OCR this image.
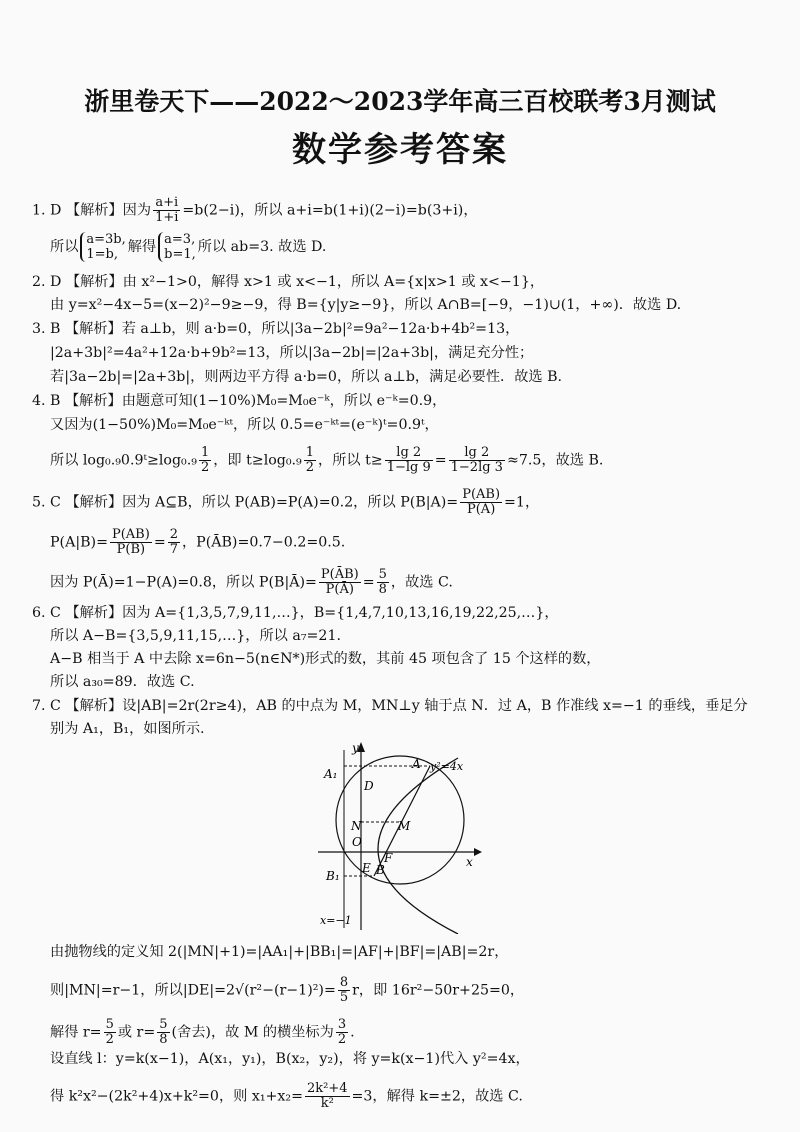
浙里卷天下——2022～2023学年高三百校联考3月测试
数学参考答案
1. D 【解析】因为 $\frac{a+i}{1+i} =b(2-i)$，所以 a+i=b(1+i)(2−i)=b(3+i)，
所以 a=3b,
1=b, 解得 a=3,
b=1, 所以 ab=3. 故选 D.
2. D 【解析】由 x²−1>0，解得 x>1 或 x<−1，所以 A={x|x>1 或 x<−1}，
由 y=x²−4x−5=(x−2)²−9≥−9，得 B={y|y≥−9}，所以 A∩B=[−9，−1)∪(1，+∞)．故选 D.
3. B 【解析】若 a⊥b，则 a·b=0，所以|3a−2b|²=9a²−12a·b+4b²=13，
|2a+3b|²=4a²+12a·b+9b²=13，所以|3a−2b|=|2a+3b|，满足充分性；
若|3a−2b|=|2a+3b|，则两边平方得 a·b=0，所以 a⊥b，满足必要性．故选 B.
4. B 【解析】由题意可知(1−10%)M₀=M₀e⁻ᵏ，所以 e⁻ᵏ=0.9，
又因为(1−50%)M₀=M₀e⁻ᵏᵗ，所以 0.5=e⁻ᵏᵗ=(e⁻ᵏ)ᵗ=0.9ᵗ，
所以 log₀.₉0.9ᵗ≥log₀.₉ $\frac{1}{2}$ ，即 $t\ge\log_0._9 \frac{1}{2}$ ，所以 $t\ge \frac{\lg 2}{1-\lg 9} = \frac{\lg 2}{1-2\lg 3} \approx 7.5$，故选 B.
5. C 【解析】因为 A⊆B，所以 P(AB)=P(A)=0.2，所以 $P(B|A)= \frac{P(AB)}{P(A)} =1$，
$P(A|B)= \frac{P(AB)}{P(B)} = \frac{2}{7}$ ，P(ĀB)=0.7−0.2=0.5.
因为 P(Ā)=1−P(A)=0.8，所以 P(B|Ā)= $\frac{P(ĀB)}{P(Ā)} = \frac{5}{8}$ ，故选 C.
6. C 【解析】因为 A={1,3,5,7,9,11,…}，B={1,4,7,10,13,16,19,22,25,…}，
所以 A−B={3,5,9,11,15,…}，所以 a₇=21.
A−B 相当于 A 中去除 x=6n−5(n∈N*)形式的数，其前 45 项包含了 15 个这样的数，
所以 a₃₀=89．故选 C.
7. C 【解析】设|AB|=2r(2r≥4)，AB 的中点为 M，MN⊥y 轴于点 N．过 A，B 作准线 x=−1 的垂线，垂足分
别为 A₁，B₁，如图所示.
y
x
A y²=4x
A₁
D
N	M
O
F
E
B₁	B
x=−1
由抛物线的定义知 2(|MN|+1)=|AA₁|+|BB₁|=|AF|+|BF|=|AB|=2r，
则|MN|=r−1，所以$|DE|=2√(r^2-(r-1)^2)= \frac{8}{5}$ r，即 16r²−50r+25=0，
解得 $r= \frac{5}{2}$ 或 $r= \frac{5}{8}$ (舍去)，故 M 的横坐标为 $\frac{3}{2}$ .
设直线 l：y=k(x−1)，A(x₁，y₁)，B(x₂，y₂)，将 y=k(x−1)代入 y²=4x，
得 k²x²−(2k²+4)x+k²=0，则 $x_1+x_2= \frac{\text{2k²+4}}{\text{k²}} =3$，解得 k=±2，故选 C.
